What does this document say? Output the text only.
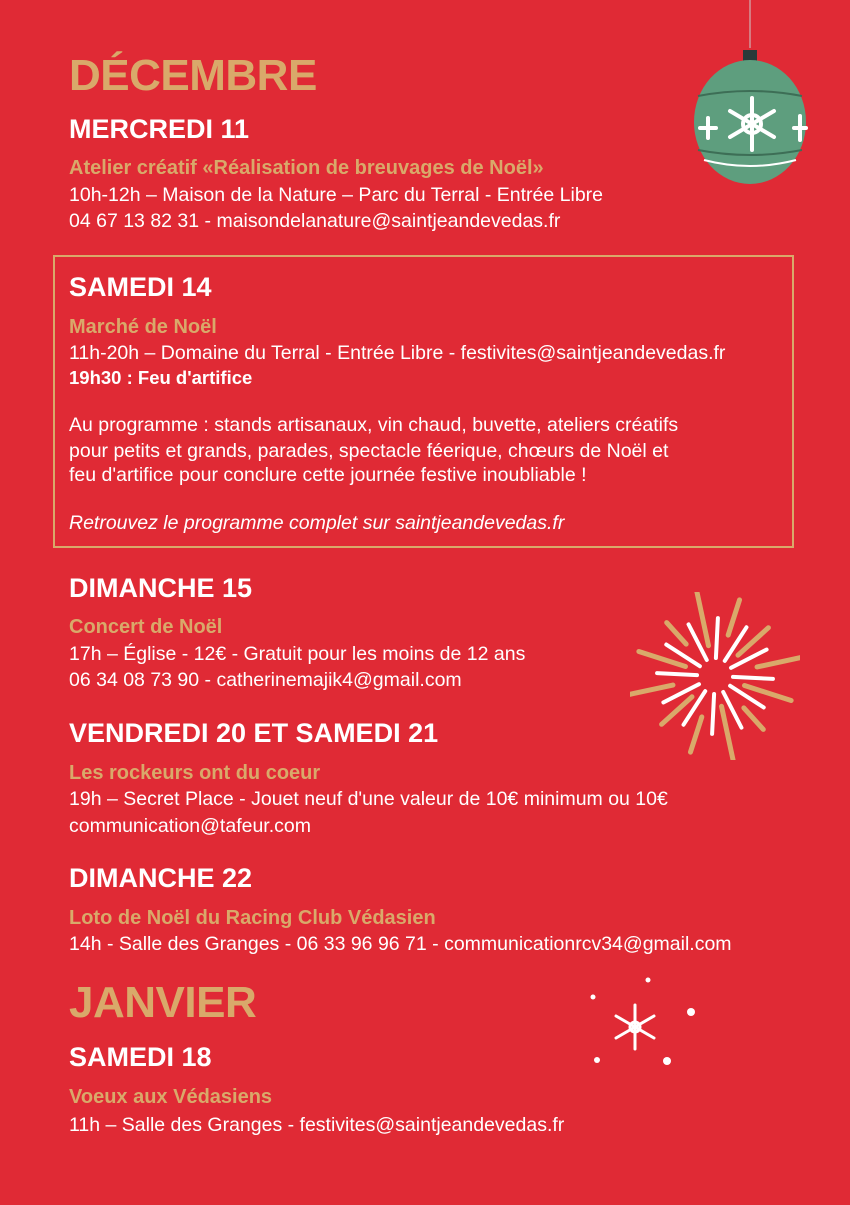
DÉCEMBRE
MERCREDI 11
Atelier créatif «Réalisation de breuvages de Noël»
10h-12h – Maison de la Nature – Parc du Terral - Entrée Libre
04 67 13 82 31 - maisondelanature@saintjeandevedas.fr
SAMEDI 14
Marché de Noël
11h-20h – Domaine du Terral - Entrée Libre - festivites@saintjeandevedas.fr
19h30 : Feu d'artifice
Au programme : stands artisanaux, vin chaud, buvette, ateliers créatifs
pour petits et grands, parades, spectacle féerique, chœurs de Noël et
feu d'artifice pour conclure cette journée festive inoubliable !
Retrouvez le programme complet sur saintjeandevedas.fr
DIMANCHE 15
Concert de Noël
17h – Église - 12€ - Gratuit pour les moins de 12 ans
06 34 08 73 90 - catherinemajik4@gmail.com
VENDREDI 20 ET SAMEDI 21
Les rockeurs ont du coeur
19h – Secret Place - Jouet neuf d'une valeur de 10€ minimum ou 10€
communication@tafeur.com
DIMANCHE 22
Loto de Noël du Racing Club Védasien
14h - Salle des Granges - 06 33 96 96 71 - communicationrcv34@gmail.com
JANVIER
SAMEDI 18
Voeux aux Védasiens
11h – Salle des Granges - festivites@saintjeandevedas.fr
